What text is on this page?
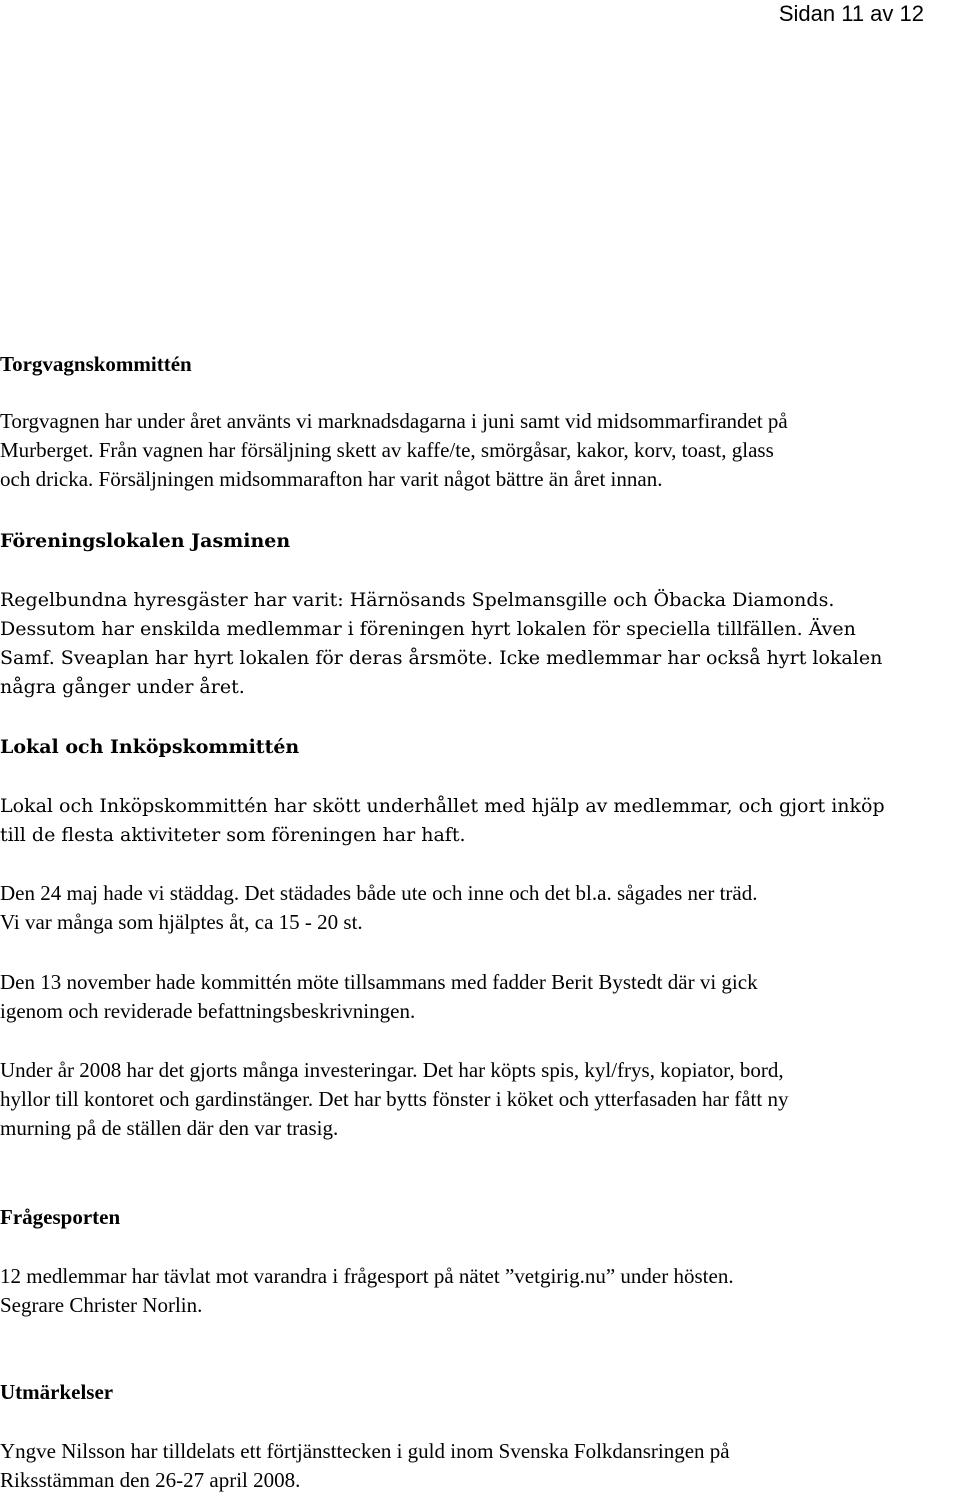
Sidan 11 av 12
Torgvagnskommittén
Torgvagnen har under året använts vi marknadsdagarna i juni samt vid midsommarfirandet på
Murberget. Från vagnen har försäljning skett av kaffe/te, smörgåsar, kakor, korv, toast, glass
och dricka. Försäljningen midsommarafton har varit något bättre än året innan.
Föreningslokalen Jasminen
Regelbundna hyresgäster har varit: Härnösands Spelmansgille och Öbacka Diamonds.
Dessutom har enskilda medlemmar i föreningen hyrt lokalen för speciella tillfällen. Även
Samf. Sveaplan har hyrt lokalen för deras årsmöte. Icke medlemmar har också hyrt lokalen
några gånger under året.
Lokal och Inköpskommittén
Lokal och Inköpskommittén har skött underhållet med hjälp av medlemmar, och gjort inköp
till de flesta aktiviteter som föreningen har haft.
Den 24 maj hade vi städdag. Det städades både ute och inne och det bl.a. sågades ner träd.
Vi var många som hjälptes åt, ca 15 - 20 st.
Den 13 november hade kommittén möte tillsammans med fadder Berit Bystedt där vi gick
igenom och reviderade befattningsbeskrivningen.
Under år 2008 har det gjorts många investeringar. Det har köpts spis, kyl/frys, kopiator, bord,
hyllor till kontoret och gardinstänger. Det har bytts fönster i köket och ytterfasaden har fått ny
murning på de ställen där den var trasig.
Frågesporten
12 medlemmar har tävlat mot varandra i frågesport på nätet ”vetgirig.nu” under hösten.
Segrare Christer Norlin.
Utmärkelser
Yngve Nilsson har tilldelats ett förtjänsttecken i guld inom Svenska Folkdansringen på
Riksstämman den 26-27 april 2008.
